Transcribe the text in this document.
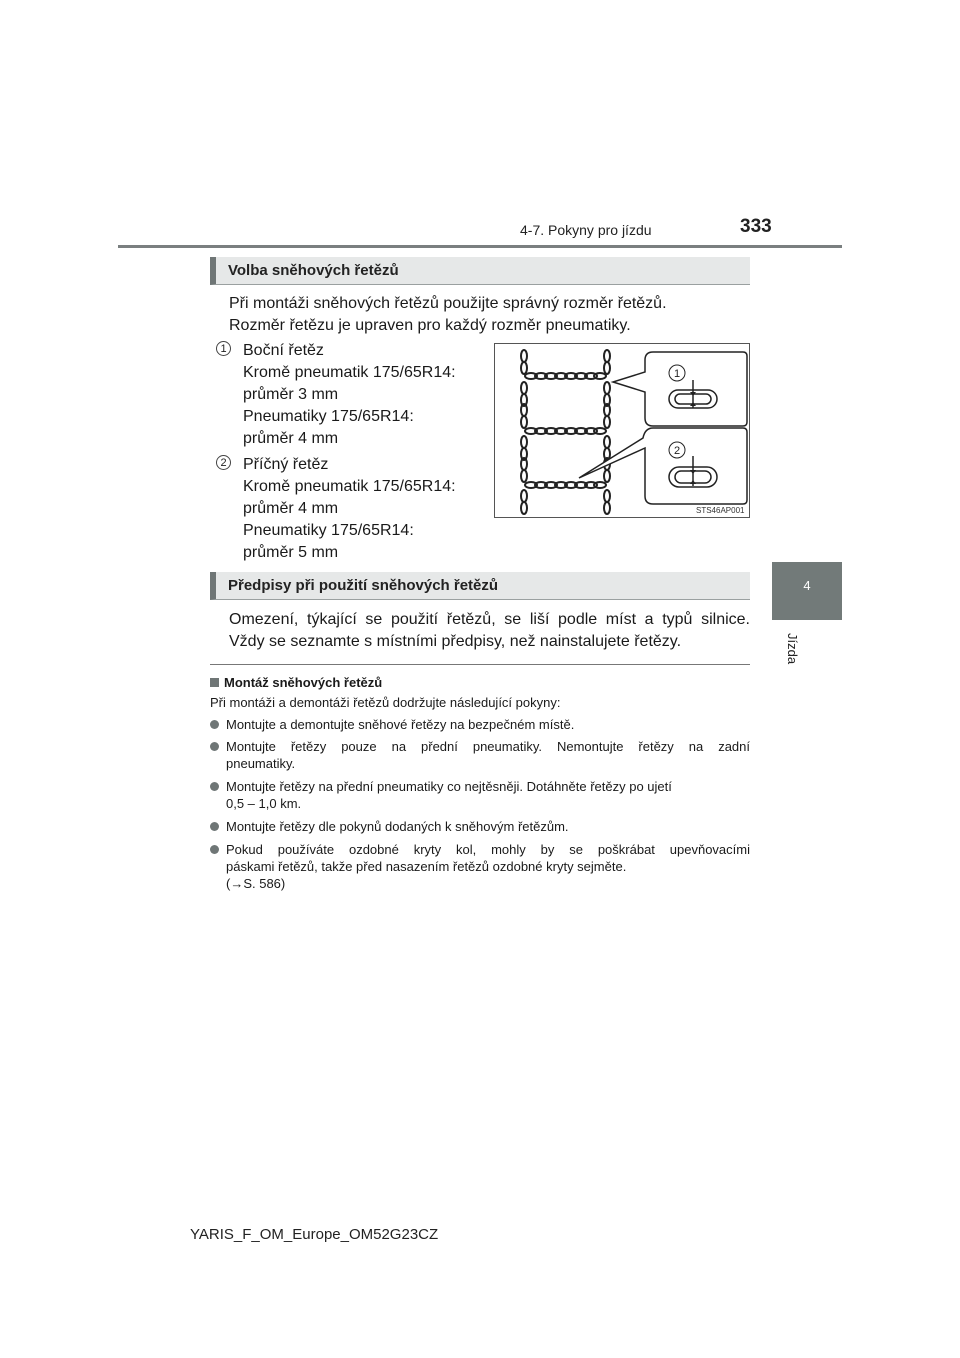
4-7. Pokyny pro jízdu	333
4
Jízda
Volba sněhových řetězů
Při montáži sněhových řetězů použijte správný rozměr řetězů.
Rozměr řetězu je upraven pro každý rozměr pneumatiky.
1 Boční řetěz
Kromě pneumatik 175/65R14:
průměr 3 mm
Pneumatiky 175/65R14:
průměr 4 mm
2 Příčný řetěz
Kromě pneumatik 175/65R14:
průměr 4 mm
Pneumatiky 175/65R14:
průměr 5 mm
1
2
STS46AP001
Předpisy při použití sněhových řetězů
Omezení, týkající se použití řetězů, se liší podle míst a typů silnice.
Vždy se seznamte s místními předpisy, než nainstalujete řetězy.
Montáž sněhových řetězů
Při montáži a demontáži řetězů dodržujte následující pokyny:
Montujte a demontujte sněhové řetězy na bezpečném místě.
Montujte řetězy pouze na přední pneumatiky. Nemontujte řetězy na zadní
pneumatiky.
Montujte řetězy na přední pneumatiky co nejtěsněji. Dotáhněte řetězy po ujetí
0,5 – 1,0 km.
Montujte řetězy dle pokynů dodaných k sněhovým řetězům.
Pokud používáte ozdobné kryty kol, mohly by se poškrábat upevňovacími
páskami řetězů, takže před nasazením řetězů ozdobné kryty sejměte.
(→S. 586)
YARIS_F_OM_Europe_OM52G23CZ
